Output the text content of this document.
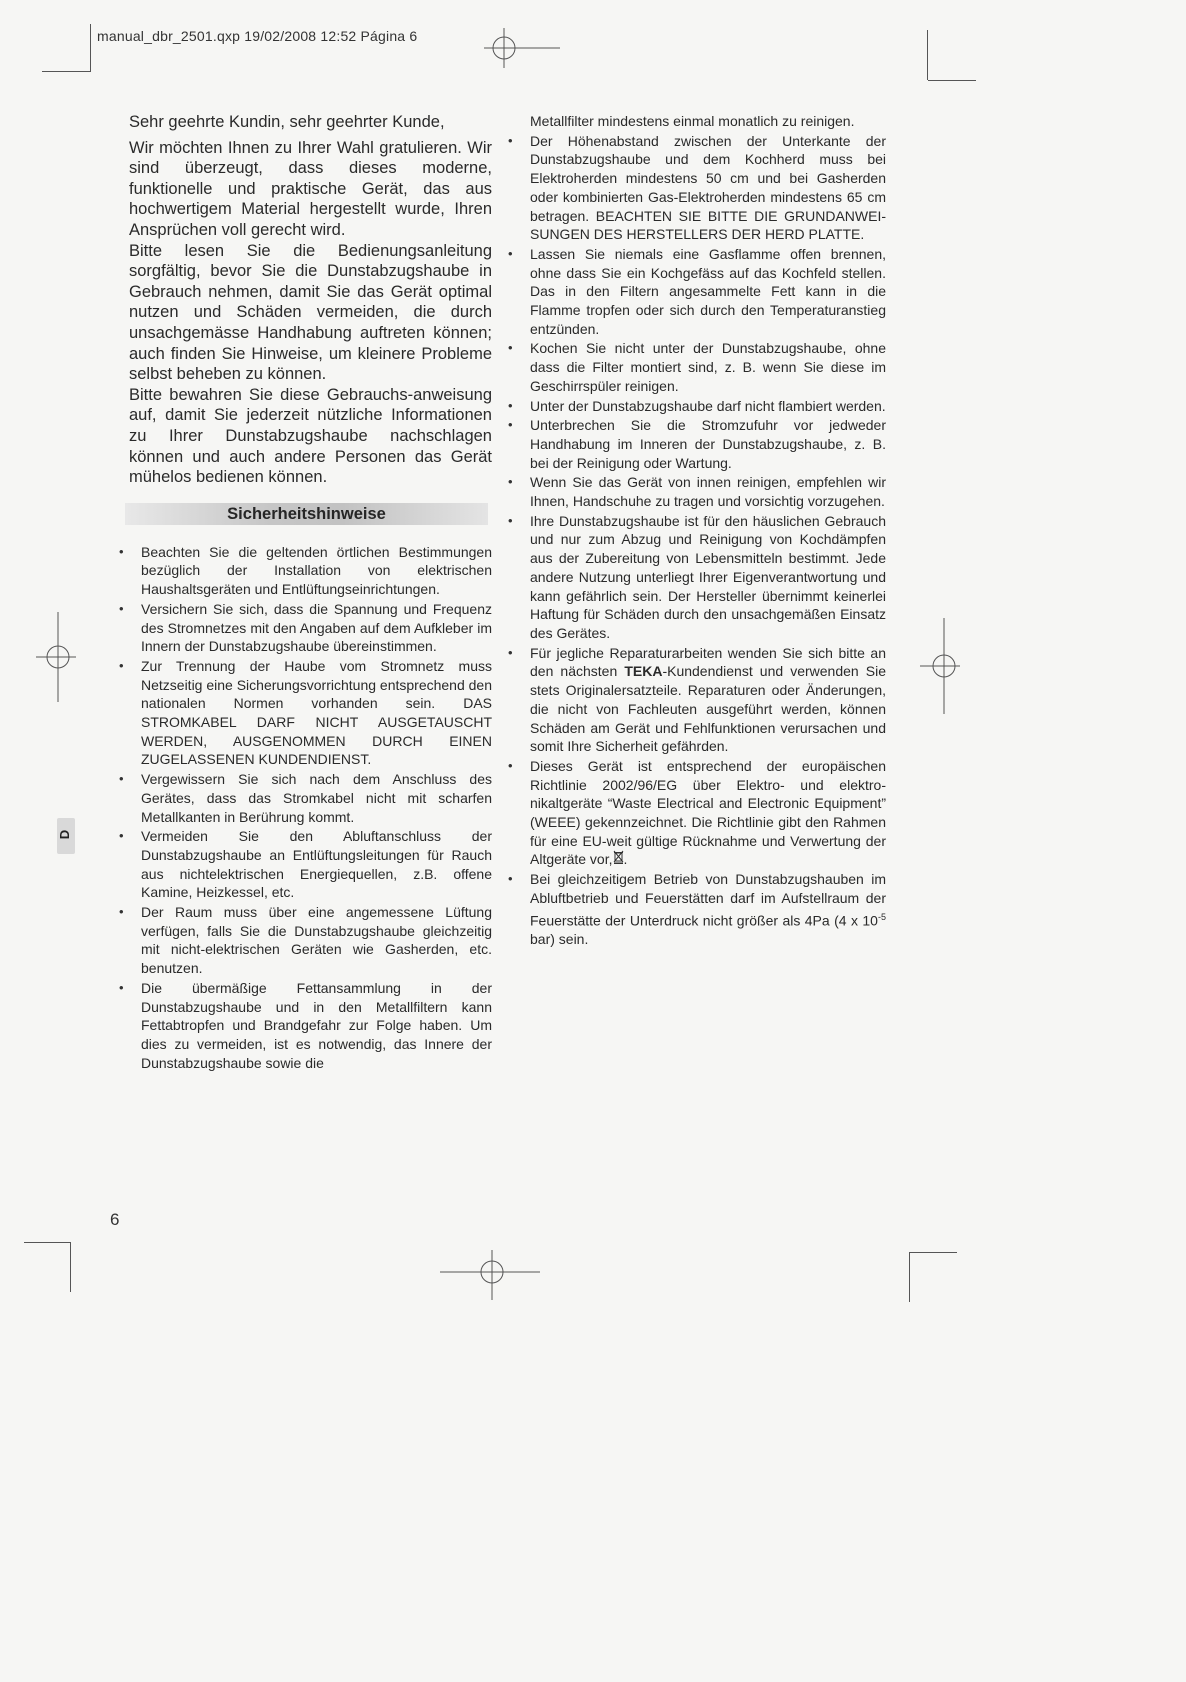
manual_dbr_2501.qxp 19/02/2008 12:52 Página 6
D

Sehr geehrte Kundin, sehr geehrter Kunde,

Wir möchten Ihnen zu Ihrer Wahl gratulieren. Wir sind überzeugt, dass dieses moderne, funktionelle und praktische Gerät, das aus hochwertigem Material hergestellt wurde, Ihren Ansprüchen voll gerecht wird.

Bitte lesen Sie die Bedienungsanleitung sorgfältig, bevor Sie die Dunstabzugshaube in Gebrauch nehmen, damit Sie das Gerät optimal nutzen und Schäden vermeiden, die durch unsachgemässe Handhabung auftreten können; auch finden Sie Hinweise, um kleinere Probleme selbst beheben zu können.

Bitte bewahren Sie diese Gebrauchs-anweisung auf, damit Sie jederzeit nützliche Informationen zu Ihrer Dunstabzugshaube nachschlagen können und auch andere Personen das Gerät mühelos bedienen können.

Sicherheitshinweise
• Beachten Sie die geltenden örtlichen Bestimmungen bezüglich der Installation von elektrischen Haushaltsgeräten und Entlüftungseinrichtungen.
• Versichern Sie sich, dass die Spannung und Frequenz des Stromnetzes mit den Angaben auf dem Aufkleber im Innern der Dunstabzugshaube übereinstimmen.
• Zur Trennung der Haube vom Stromnetz muss Netzseitig eine Sicherungsvorrichtung entsprechend den nationalen Normen vorhanden sein. DAS STROMKABEL DARF NICHT AUSGETAUSCHT WERDEN, AUSGENOMMEN DURCH EINEN ZUGELASSENEN KUNDENDIENST.
• Vergewissern Sie sich nach dem Anschluss des Gerätes, dass das Stromkabel nicht mit scharfen Metallkanten in Berührung kommt.
• Vermeiden Sie den Abluftanschluss der Dunstabzugshaube an Entlüftungsleitungen für Rauch aus nichtelektrischen Energiequellen, z.B. offene Kamine, Heizkessel, etc.
• Der Raum muss über eine angemessene Lüftung verfügen, falls Sie die Dunstabzugshaube gleichzeitig mit nicht-elektrischen Geräten wie Gasherden, etc. benutzen.
• Die übermäßige Fettansammlung in der Dunstabzugshaube und in den Metallfiltern kann Fettabtropfen und Brandgefahr zur Folge haben. Um dies zu vermeiden, ist es notwendig, das Innere der Dunstabzugshaube sowie die
Metallfilter mindestens einmal monatlich zu reinigen.
• Der Höhenabstand zwischen der Unterkante der Dunstabzugshaube und dem Kochherd muss bei Elektroherden mindestens 50 cm und bei Gasherden oder kombinierten Gas-Elektroherden mindestens 65 cm betragen. BEACHTEN SIE BITTE DIE GRUNDANWEI-SUNGEN DES HERSTELLERS DER HERD PLATTE.
• Lassen Sie niemals eine Gasflamme offen brennen, ohne dass Sie ein Kochgefäss auf das Kochfeld stellen. Das in den Filtern angesammelte Fett kann in die Flamme tropfen oder sich durch den Temperaturanstieg entzünden.
• Kochen Sie nicht unter der Dunstabzugshaube, ohne dass die Filter montiert sind, z. B. wenn Sie diese im Geschirrspüler reinigen.
• Unter der Dunstabzugshaube darf nicht flambiert werden.
• Unterbrechen Sie die Stromzufuhr vor jedweder Handhabung im Inneren der Dunstabzugshaube, z. B. bei der Reinigung oder Wartung.
• Wenn Sie das Gerät von innen reinigen, empfehlen wir Ihnen, Handschuhe zu tragen und vorsichtig vorzugehen.
• Ihre Dunstabzugshaube ist für den häuslichen Gebrauch und nur zum Abzug und Reinigung von Kochdämpfen aus der Zubereitung von Lebensmitteln bestimmt. Jede andere Nutzung unterliegt Ihrer Eigenverantwortung und kann gefährlich sein. Der Hersteller übernimmt keinerlei Haftung für Schäden durch den unsachgemäßen Einsatz des Gerätes.
• Für jegliche Reparaturarbeiten wenden Sie sich bitte an den nächsten TEKA-Kundendienst und verwenden Sie stets Originalersatzteile. Reparaturen oder Änderungen, die nicht von Fachleuten ausgeführt werden, können Schäden am Gerät und Fehlfunktionen verursachen und somit Ihre Sicherheit gefährden.
• Dieses Gerät ist entsprechend der europäischen Richtlinie 2002/96/EG über Elektro- und elektro-nikaltgeräte “Waste Electrical and Electronic Equipment” (WEEE) gekennzeichnet. Die Richtlinie gibt den Rahmen für eine EU-weit gültige Rücknahme und Verwertung der Altgeräte vor, .
• Bei gleichzeitigem Betrieb von Dunstabzugshauben im Abluftbetrieb und Feuerstätten darf im Aufstellraum der Feuerstätte der Unterdruck nicht größer als 4Pa (4 x $10^{-5}$ bar) sein.
6
